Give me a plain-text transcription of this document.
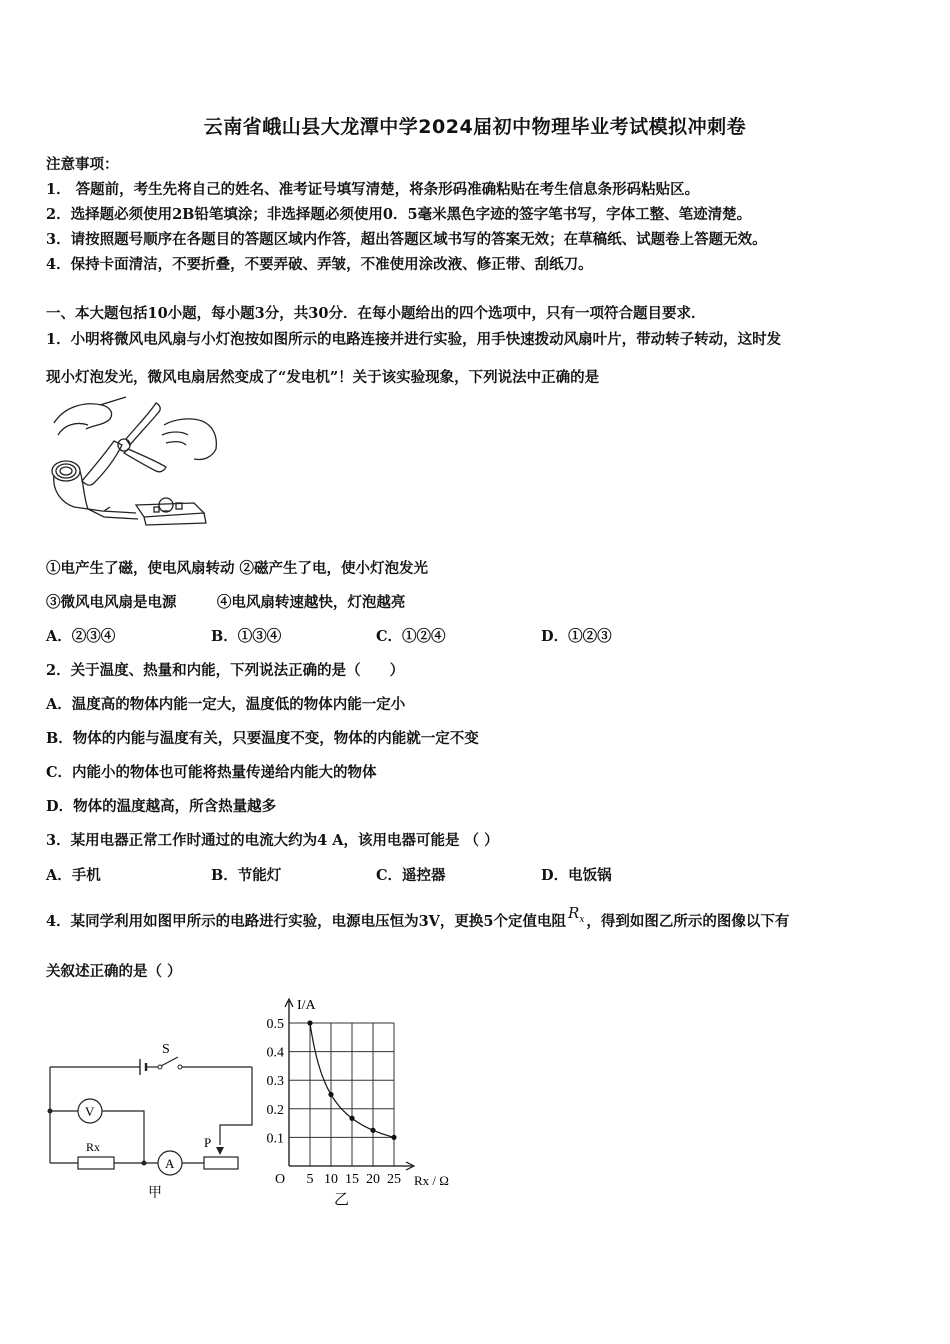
云南省峨山县大龙潭中学2024届初中物理毕业考试模拟冲刺卷
注意事项：
1． 答题前，考生先将自己的姓名、准考证号填写清楚，将条形码准确粘贴在考生信息条形码粘贴区。
2．选择题必须使用2B铅笔填涂；非选择题必须使用0．5毫米黑色字迹的签字笔书写，字体工整、笔迹清楚。
3．请按照题号顺序在各题目的答题区域内作答，超出答题区域书写的答案无效；在草稿纸、试题卷上答题无效。
4．保持卡面清洁，不要折叠，不要弄破、弄皱，不准使用涂改液、修正带、刮纸刀。
一、本大题包括10小题，每小题3分，共30分．在每小题给出的四个选项中，只有一项符合题目要求．
1．小明将微风电风扇与小灯泡按如图所示的电路连接并进行实验，用手快速拨动风扇叶片，带动转子转动，这时发
现小灯泡发光，微风电扇居然变成了“发电机”！关于该实验现象，下列说法中正确的是
①电产生了磁，使电风扇转动 ②磁产生了电，使小灯泡发光
③微风电风扇是电源        ④电风扇转速越快，灯泡越亮
A．②③④	B．①③④	C．①②④	D．①②③
2．关于温度、热量和内能，下列说法正确的是（　　）
A．温度高的物体内能一定大，温度低的物体内能一定小
B．物体的内能与温度有关，只要温度不变，物体的内能就一定不变
C．内能小的物体也可能将热量传递给内能大的物体
D．物体的温度越高，所含热量越多
3．某用电器正常工作时通过的电流大约为4 A，该用电器可能是 （ ）
A．手机	B．节能灯	C．遥控器	D．电饭锅
4．某同学利用如图甲所示的电路进行实验，电源电压恒为3V，更换5个定值电阻 $R_x$ ，得到如图乙所示的图像以下有
关叙述正确的是（ ）
S
V
Rx
A
P
甲
I/A
Rx / Ω
O 5 10 15 20 25
0.5
0.4
0.3
0.2
0.1
乙
